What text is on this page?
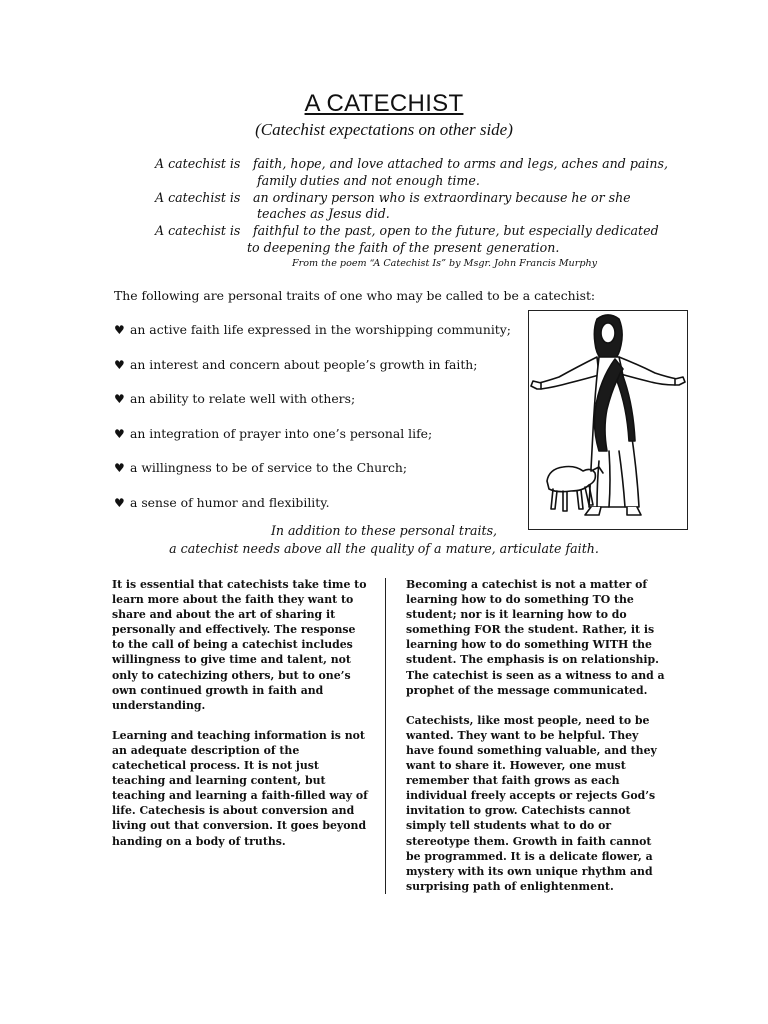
A CATECHIST
(Catechist expectations on other side)
A catechist is faith, hope, and love attached to arms and legs, aches and pains,
family duties and not enough time.
A catechist is an ordinary person who is extraordinary because he or she
teaches as Jesus did.
A catechist is faithful to the past, open to the future, but especially dedicated
to deepening the faith of the present generation.
From the poem “A Catechist Is” by Msgr. John Francis Murphy
The following are personal traits of one who may be called to be a catechist:
♥ an active faith life expressed in the worshipping community;
♥ an interest and concern about people’s growth in faith;
♥ an ability to relate well with others;
♥ an integration of prayer into one’s personal life;
♥ a willingness to be of service to the Church;
♥ a sense of humor and flexibility.
In addition to these personal traits,
a catechist needs above all the quality of a mature, articulate faith.

It is essential that catechists take time to learn more about the faith they want to share and about the art of sharing it personally and effectively. The response to the call of being a catechist includes willingness to give time and talent, not only to catechizing others, but to one’s own continued growth in faith and understanding.

Learning and teaching information is not an adequate description of the catechetical process. It is not just teaching and learning content, but teaching and learning a faith-filled way of life. Catechesis is about conversion and living out that conversion. It goes beyond handing on a body of truths.

Becoming a catechist is not a matter of learning how to do something TO the student; nor is it learning how to do something FOR the student. Rather, it is learning how to do something WITH the student. The emphasis is on relationship. The catechist is seen as a witness to and a prophet of the message communicated.

Catechists, like most people, need to be wanted. They want to be helpful. They have found something valuable, and they want to share it. However, one must remember that faith grows as each individual freely accepts or rejects God’s invitation to grow. Catechists cannot simply tell students what to do or stereotype them. Growth in faith cannot be programmed. It is a delicate flower, a mystery with its own unique rhythm and surprising path of enlightenment.
